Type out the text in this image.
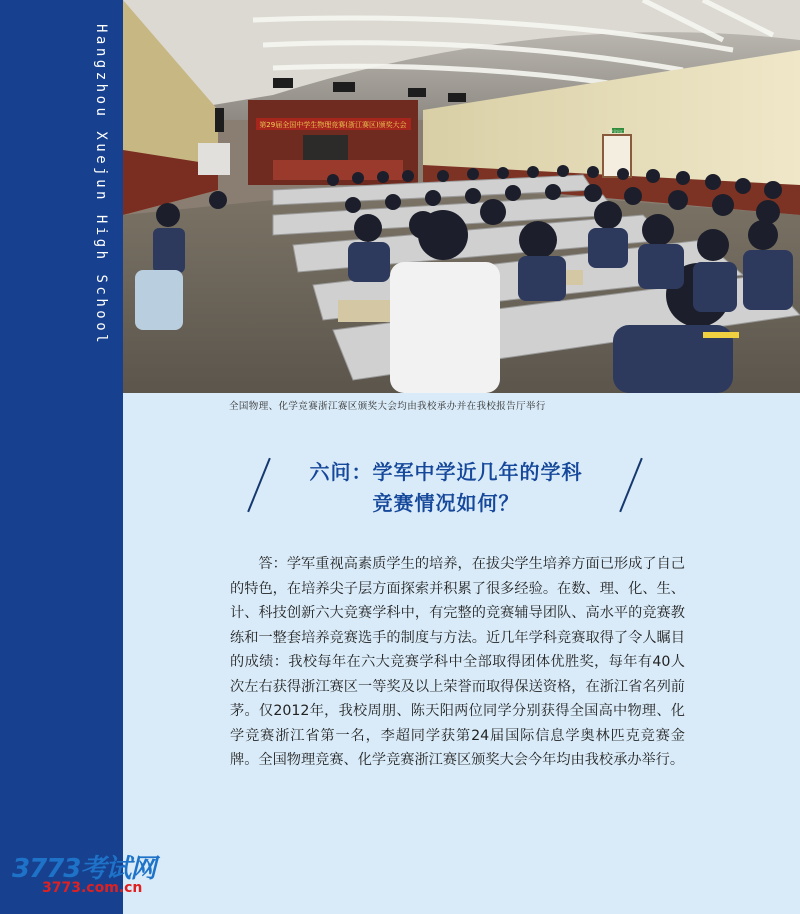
Hangzhou Xuejun High School	第29届全国中学生物理竞赛(浙江赛区)颁奖大会
安全出口
全国物理、化学竞赛浙江赛区颁奖大会均由我校承办并在我校报告厅举行
六问：学军中学近几年的学科
竞赛情况如何？

答：学军重视高素质学生的培养，在拔尖学生培养方面已形成了自己的特色，在培养尖子层方面探索并积累了很多经验。在数、理、化、生、计、科技创新六大竞赛学科中，有完整的竞赛辅导团队、高水平的竞赛教练和一整套培养竞赛选手的制度与方法。近几年学科竞赛取得了令人瞩目的成绩：我校每年在六大竞赛学科中全部取得团体优胜奖，每年有40人次左右获得浙江赛区一等奖及以上荣誉而取得保送资格，在浙江省名列前茅。仅2012年，我校周朋、陈天阳两位同学分别获得全国高中物理、化学竞赛浙江省第一名，李超同学获第24届国际信息学奥林匹克竞赛金牌。全国物理竞赛、化学竞赛浙江赛区颁奖大会今年均由我校承办举行。

3773考试网
3773.com.cn
